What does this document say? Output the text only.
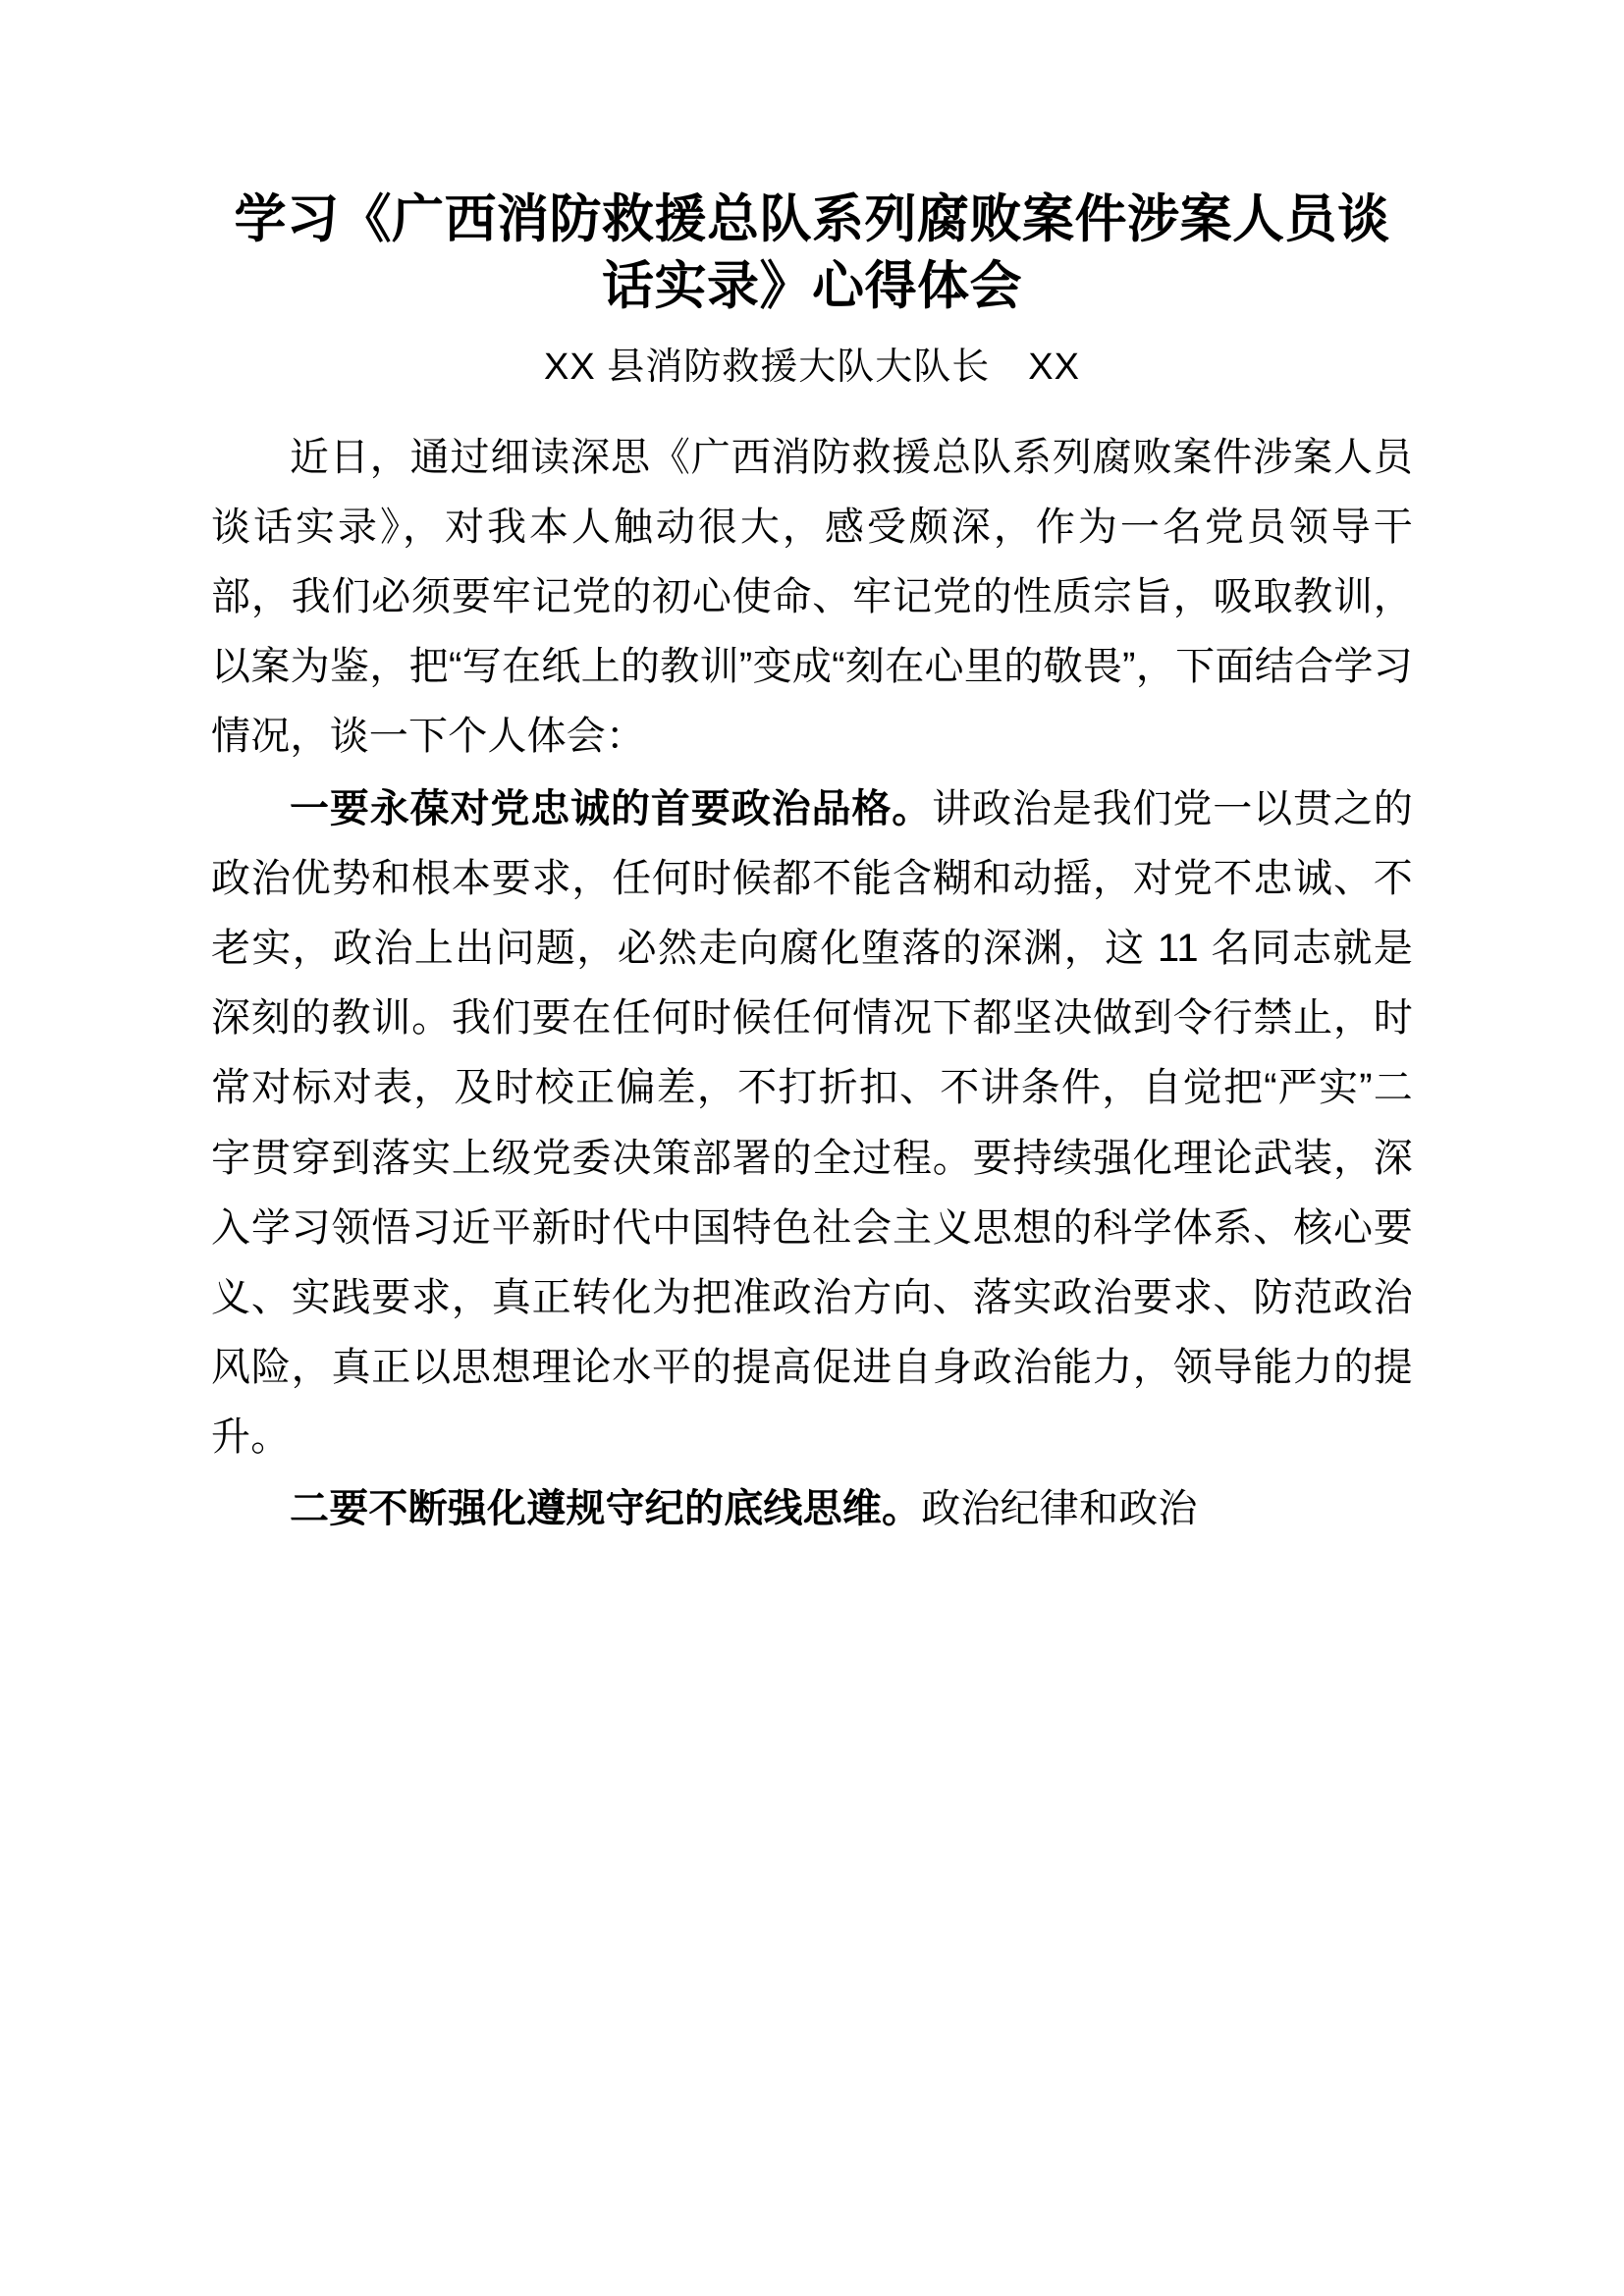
学习《广西消防救援总队系列腐败案件涉案人员谈话实录》心得体会
XX 县消防救援大队大队长　XX

近日，通过细读深思《广西消防救援总队系列腐败案件涉案人员谈话实录》，对我本人触动很大，感受颇深，作为一名党员领导干部，我们必须要牢记党的初心使命、牢记党的性质宗旨，吸取教训，以案为鉴，把“写在纸上的教训”变成“刻在心里的敬畏”，下面结合学习情况，谈一下个人体会：

一要永葆对党忠诚的首要政治品格。讲政治是我们党一以贯之的政治优势和根本要求，任何时候都不能含糊和动摇，对党不忠诚、不老实，政治上出问题，必然走向腐化堕落的深渊，这 11 名同志就是深刻的教训。我们要在任何时候任何情况下都坚决做到令行禁止，时常对标对表，及时校正偏差，不打折扣、不讲条件，自觉把“严实”二字贯穿到落实上级党委决策部署的全过程。要持续强化理论武装，深入学习领悟习近平新时代中国特色社会主义思想的科学体系、核心要义、实践要求，真正转化为把准政治方向、落实政治要求、防范政治风险，真正以思想理论水平的提高促进自身政治能力，领导能力的提升。

二要不断强化遵规守纪的底线思维。政治纪律和政治
